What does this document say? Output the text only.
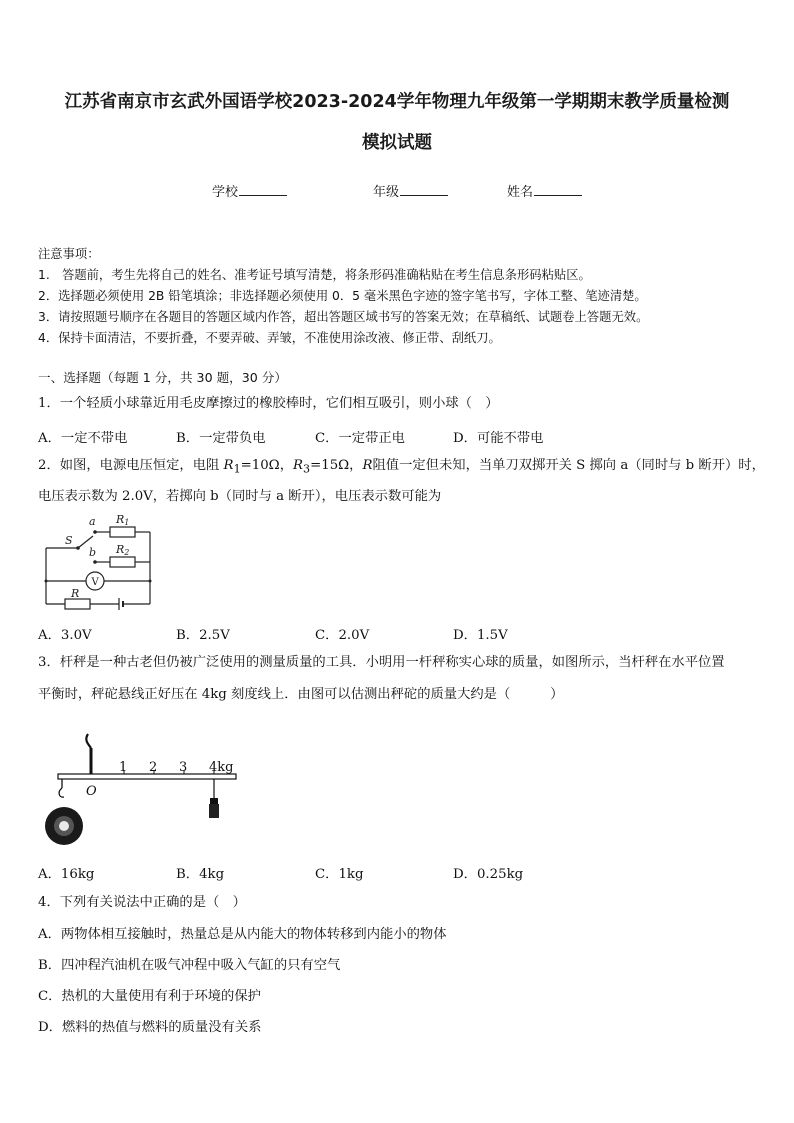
江苏省南京市玄武外国语学校2023-2024学年物理九年级第一学期期末教学质量检测
模拟试题
学校	年级	姓名
注意事项：
1.　答题前，考生先将自己的姓名、准考证号填写清楚，将条形码准确粘贴在考生信息条形码粘贴区。
2．选择题必须使用 2B 铅笔填涂；非选择题必须使用 0．5 毫米黑色字迹的签字笔书写，字体工整、笔迹清楚。
3．请按照题号顺序在各题目的答题区域内作答，超出答题区域书写的答案无效；在草稿纸、试题卷上答题无效。
4．保持卡面清洁，不要折叠，不要弄破、弄皱，不准使用涂改液、修正带、刮纸刀。
一、选择题（每题 1 分，共 30 题，30 分）
1．一个轻质小球靠近用毛皮摩擦过的橡胶棒时，它们相互吸引，则小球（　）
A．一定不带电	B．一定带负电	C．一定带正电	D．可能不带电
2．如图，电源电压恒定，电阻 $R_1=10\Omega$，$R_3=15\Omega$，R阻值一定但未知，当单刀双掷开关 S 掷向 a（同时与 b 断开）时，
电压表示数为 2.0V，若掷向 b（同时与 a 断开），电压表示数可能为
a
b
S
R1
R2
R
V
A．3.0V	B．2.5V	C．2.0V	D．1.5V
3．杆秤是一种古老但仍被广泛使用的测量质量的工具．小明用一杆秤称实心球的质量，如图所示，当杆秤在水平位置
平衡时，秤砣悬线正好压在 4kg 刻度线上．由图可以估测出秤砣的质量大约是（　　　）
1 2 3 4kg
O
A．16kg	B．4kg	C．1kg	D．0.25kg
4．下列有关说法中正确的是（　）
A．两物体相互接触时，热量总是从内能大的物体转移到内能小的物体
B．四冲程汽油机在吸气冲程中吸入气缸的只有空气
C．热机的大量使用有利于环境的保护
D．燃料的热值与燃料的质量没有关系
